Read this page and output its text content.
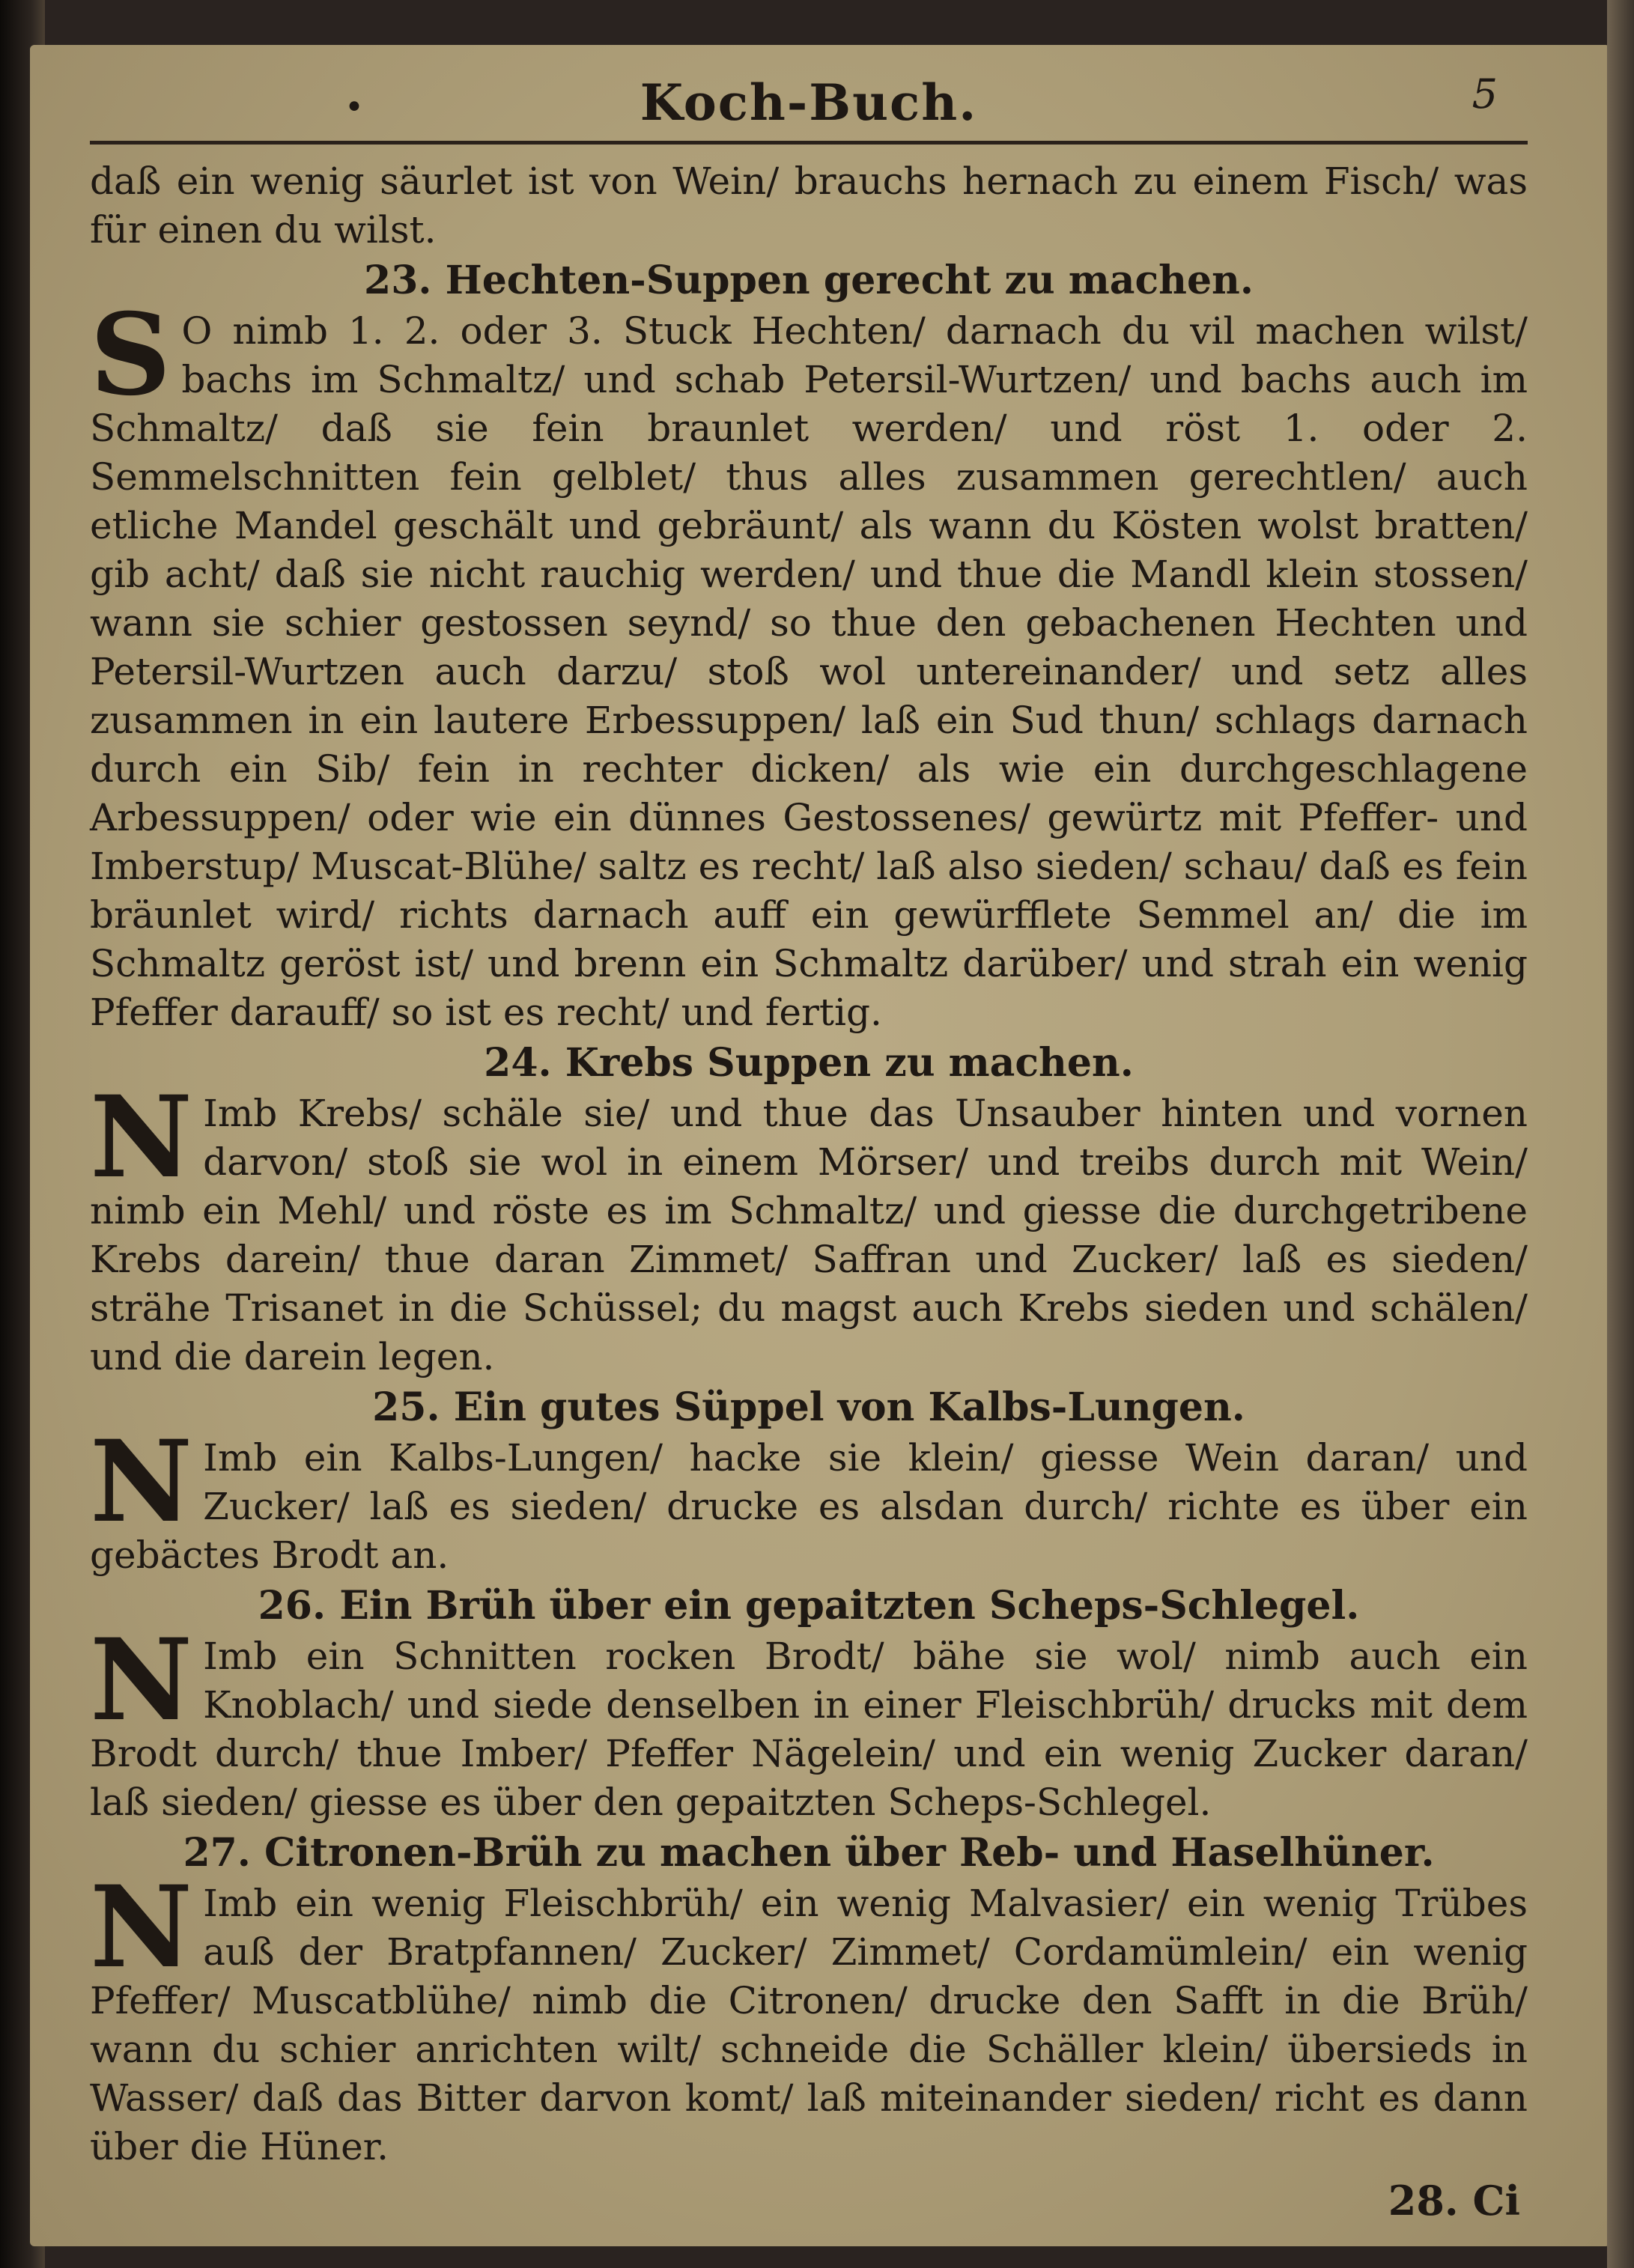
•	Koch-Buch.	5

daß ein wenig säurlet ist von Wein/ brauchs hernach zu einem Fisch/ was für einen du wilst.

23. Hechten-Suppen gerecht zu machen.

S O nimb 1. 2. oder 3. Stuck Hechten/ darnach du vil machen wilst/ bachs im Schmaltz/ und schab Petersil-Wurtzen/ und bachs auch im Schmaltz/ daß sie fein braunlet werden/ und röst 1. oder 2. Semmelschnitten fein gelblet/ thus alles zusammen gerechtlen/ auch etliche Mandel geschält und gebräunt/ als wann du Kösten wolst bratten/ gib acht/ daß sie nicht rauchig werden/ und thue die Mandl klein stossen/ wann sie schier gestossen seynd/ so thue den gebachenen Hechten und Petersil-Wurtzen auch darzu/ stoß wol untereinander/ und setz alles zusammen in ein lautere Erbessuppen/ laß ein Sud thun/ schlags darnach durch ein Sib/ fein in rechter dicken/ als wie ein durchgeschlagene Arbessuppen/ oder wie ein dünnes Gestossenes/ gewürtz mit Pfeffer- und Imberstup/ Muscat-Blühe/ saltz es recht/ laß also sieden/ schau/ daß es fein bräunlet wird/ richts darnach auff ein gewürfflete Semmel an/ die im Schmaltz geröst ist/ und brenn ein Schmaltz darüber/ und strah ein wenig Pfeffer darauff/ so ist es recht/ und fertig.

24. Krebs Suppen zu machen.

N Imb Krebs/ schäle sie/ und thue das Unsauber hinten und vornen darvon/ stoß sie wol in einem Mörser/ und treibs durch mit Wein/ nimb ein Mehl/ und röste es im Schmaltz/ und giesse die durchgetribene Krebs darein/ thue daran Zimmet/ Saffran und Zucker/ laß es sieden/ strähe Trisanet in die Schüssel; du magst auch Krebs sieden und schälen/ und die darein legen.

25. Ein gutes Süppel von Kalbs-Lungen.

N Imb ein Kalbs-Lungen/ hacke sie klein/ giesse Wein daran/ und Zucker/ laß es sieden/ drucke es alsdan durch/ richte es über ein gebäctes Brodt an.

26. Ein Brüh über ein gepaitzten Scheps-Schlegel.

N Imb ein Schnitten rocken Brodt/ bähe sie wol/ nimb auch ein Knoblach/ und siede denselben in einer Fleischbrüh/ drucks mit dem Brodt durch/ thue Imber/ Pfeffer Nägelein/ und ein wenig Zucker daran/ laß sieden/ giesse es über den gepaitzten Scheps-Schlegel.

27. Citronen-Brüh zu machen über Reb- und Haselhüner.

N Imb ein wenig Fleischbrüh/ ein wenig Malvasier/ ein wenig Trübes auß der Bratpfannen/ Zucker/ Zimmet/ Cordamümlein/ ein wenig Pfeffer/ Muscatblühe/ nimb die Citronen/ drucke den Safft in die Brüh/ wann du schier anrichten wilt/ schneide die Schäller klein/ übersieds in Wasser/ daß das Bitter darvon komt/ laß miteinander sieden/ richt es dann über die Hüner.

28. Ci
